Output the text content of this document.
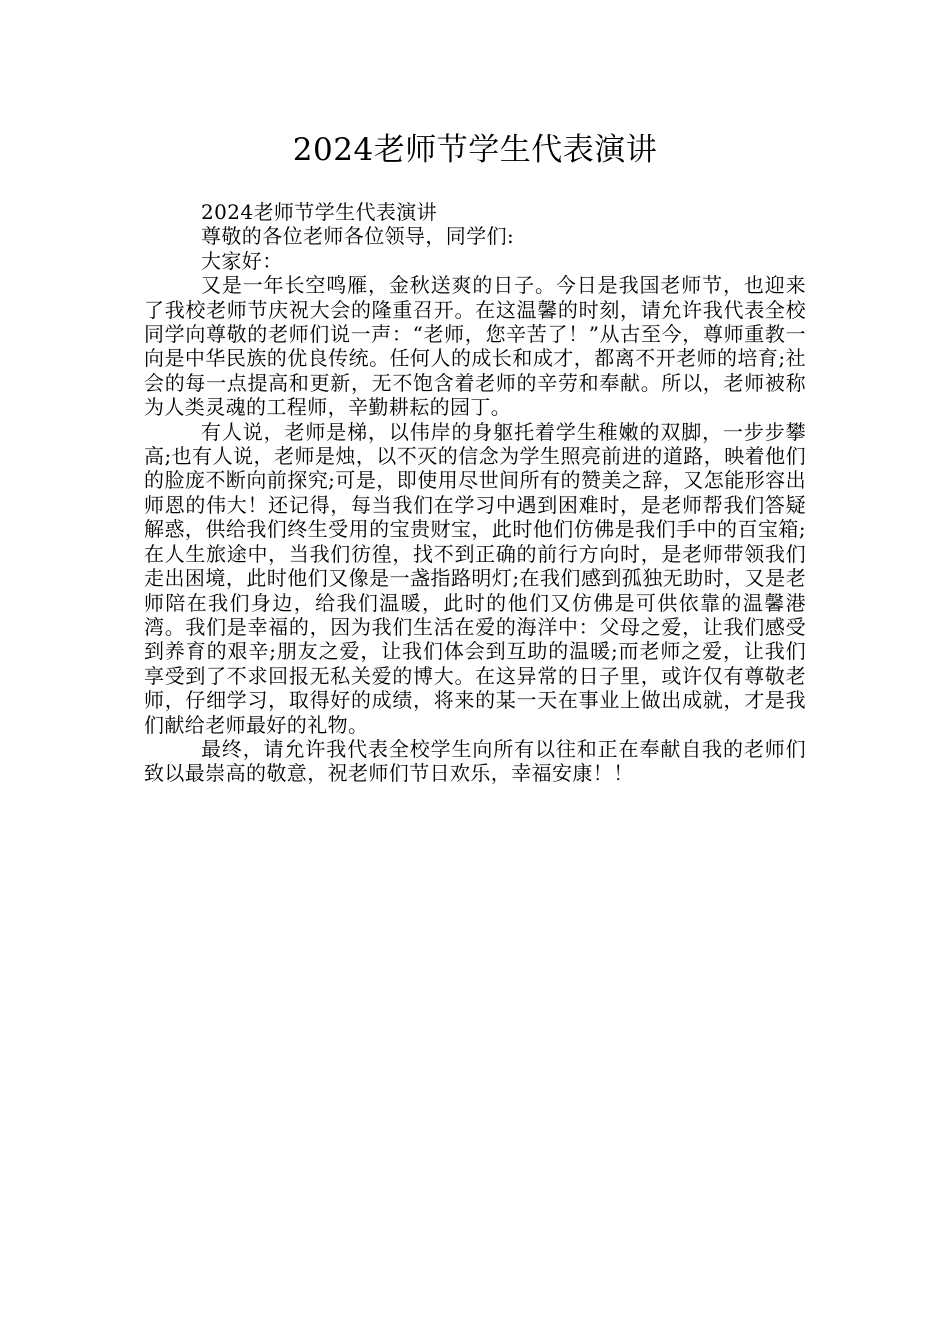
2024老师节学生代表演讲

2024老师节学生代表演讲

尊敬的各位老师各位领导，同学们:

大家好：

又是一年长空鸣雁，金秋送爽的日子。今日是我国老师节，也迎来了我校老师节庆祝大会的隆重召开。在这温馨的时刻，请允许我代表全校同学向尊敬的老师们说一声：“老师，您辛苦了！”从古至今，尊师重教一向是中华民族的优良传统。任何人的成长和成才，都离不开老师的培育;社会的每一点提高和更新，无不饱含着老师的辛劳和奉献。所以，老师被称为人类灵魂的工程师，辛勤耕耘的园丁。

有人说，老师是梯，以伟岸的身躯托着学生稚嫩的双脚，一步步攀高;也有人说，老师是烛，以不灭的信念为学生照亮前进的道路，映着他们的脸庞不断向前探究;可是，即使用尽世间所有的赞美之辞，又怎能形容出师恩的伟大！还记得，每当我们在学习中遇到困难时，是老师帮我们答疑解惑，供给我们终生受用的宝贵财宝，此时他们仿佛是我们手中的百宝箱;在人生旅途中，当我们彷徨，找不到正确的前行方向时，是老师带领我们走出困境，此时他们又像是一盏指路明灯;在我们感到孤独无助时，又是老师陪在我们身边，给我们温暖，此时的他们又仿佛是可供依靠的温馨港湾。我们是幸福的，因为我们生活在爱的海洋中：父母之爱，让我们感受到养育的艰辛;朋友之爱，让我们体会到互助的温暖;而老师之爱，让我们享受到了不求回报无私关爱的博大。在这异常的日子里，或许仅有尊敬老师，仔细学习，取得好的成绩，将来的某一天在事业上做出成就，才是我们献给老师最好的礼物。

最终，请允许我代表全校学生向所有以往和正在奉献自我的老师们致以最崇高的敬意，祝老师们节日欢乐，幸福安康！！
